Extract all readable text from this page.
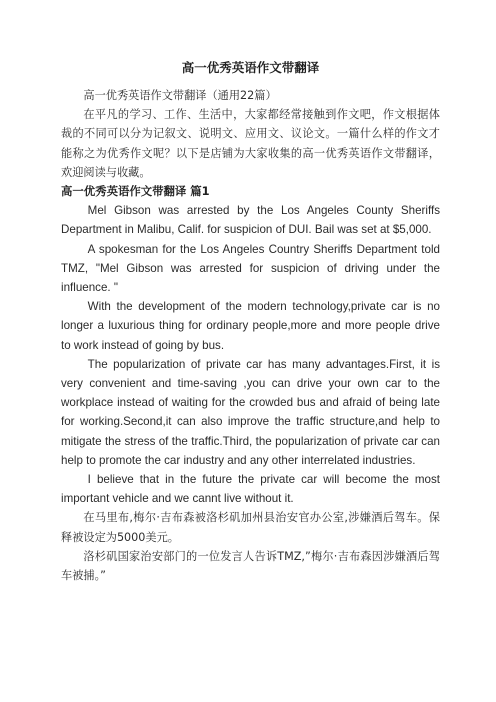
高一优秀英语作文带翻译

高一优秀英语作文带翻译（通用22篇）

在平凡的学习、工作、生活中，大家都经常接触到作文吧，作文根据体裁的不同可以分为记叙文、说明文、应用文、议论文。一篇什么样的作文才能称之为优秀作文呢？以下是店铺为大家收集的高一优秀英语作文带翻译，欢迎阅读与收藏。

高一优秀英语作文带翻译 篇1

Mel Gibson was arrested by the Los Angeles County Sheriffs Department in Malibu, Calif. for suspicion of DUI. Bail was set at $5,000.

A spokesman for the Los Angeles Country Sheriffs Department told TMZ, "Mel Gibson was arrested for suspicion of driving under the influence. "

With the development of the modern technology,private car is no longer a luxurious thing for ordinary people,more and more people drive to work instead of going by bus.

The popularization of private car has many advantages.First, it is very convenient and time-saving ,you can drive your own car to the workplace instead of waiting for the crowded bus and afraid of being late for working.Second,it can also improve the traffic structure,and help to mitigate the stress of the traffic.Third, the popularization of private car can help to promote the car industry and any other interrelated industries.

I believe that in the future the private car will become the most important vehicle and we cannt live without it.

在马里布,梅尔·吉布森被洛杉矶加州县治安官办公室,涉嫌酒后驾车。保释被设定为5000美元。

洛杉矶国家治安部门的一位发言人告诉TMZ,”梅尔·吉布森因涉嫌酒后驾车被捕。”
